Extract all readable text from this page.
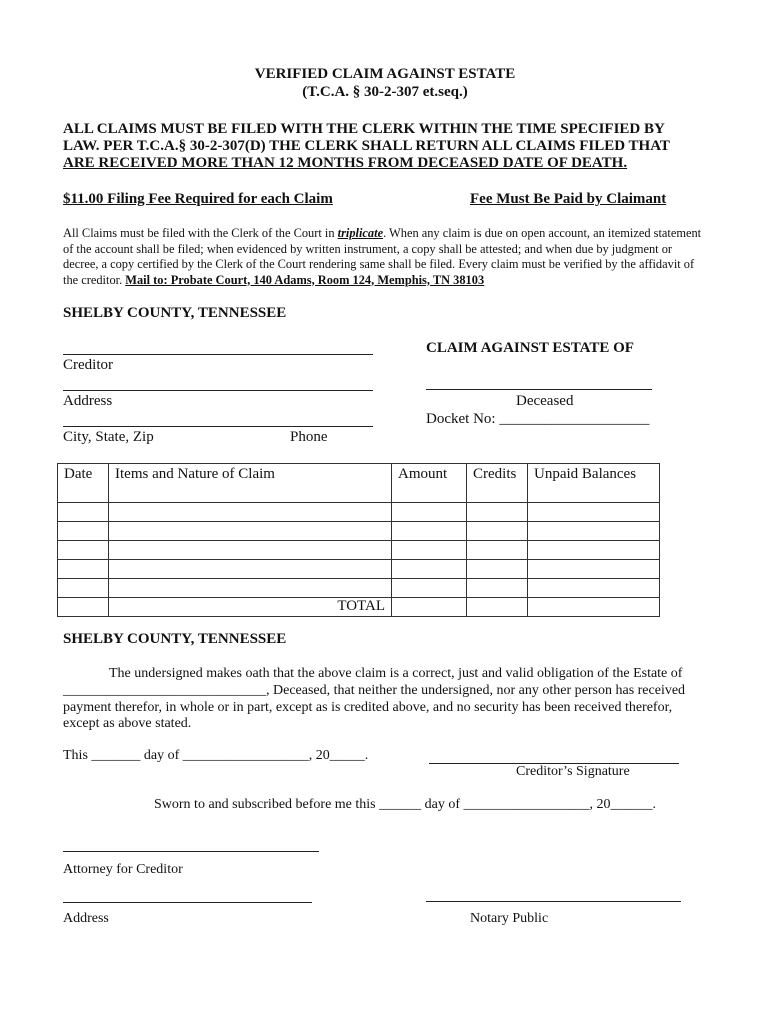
VERIFIED CLAIM AGAINST ESTATE
(T.C.A. § 30-2-307 et.seq.)
ALL CLAIMS MUST BE FILED WITH THE CLERK WITHIN THE TIME SPECIFIED BY
LAW. PER T.C.A.§ 30-2-307(D) THE CLERK SHALL RETURN ALL CLAIMS FILED THAT
ARE RECEIVED MORE THAN 12 MONTHS FROM DECEASED DATE OF DEATH.
$11.00 Filing Fee Required for each Claim	Fee Must Be Paid by Claimant

All Claims must be filed with the Clerk of the Court in triplicate. When any claim is due on open account, an itemized statement of the account shall be filed; when evidenced by written instrument, a copy shall be attested; and when due by judgment or decree, a copy certified by the Clerk of the Court rendering same shall be filed. Every claim must be verified by the affidavit of the creditor. Mail to: Probate Court, 140 Adams, Room 124, Memphis, TN 38103

SHELBY COUNTY, TENNESSEE
Creditor
Address
City, State, Zip	Phone
CLAIM AGAINST ESTATE OF
Deceased
Docket No: ____________________
Date	Items and Nature of Claim	Amount	Credits	Unpaid Balances

	TOTAL			
SHELBY COUNTY, TENNESSEE
The undersigned makes oath that the above claim is a correct, just and valid obligation of the Estate of

_____________________________, Deceased, that neither the undersigned, nor any other person has received payment therefor, in whole or in part, except as is credited above, and no security has been received therefor, except as above stated.

This _______ day of __________________, 20_____.
Creditor’s Signature
Sworn to and subscribed before me this ______ day of __________________, 20______.
Attorney for Creditor
Address	Notary Public
